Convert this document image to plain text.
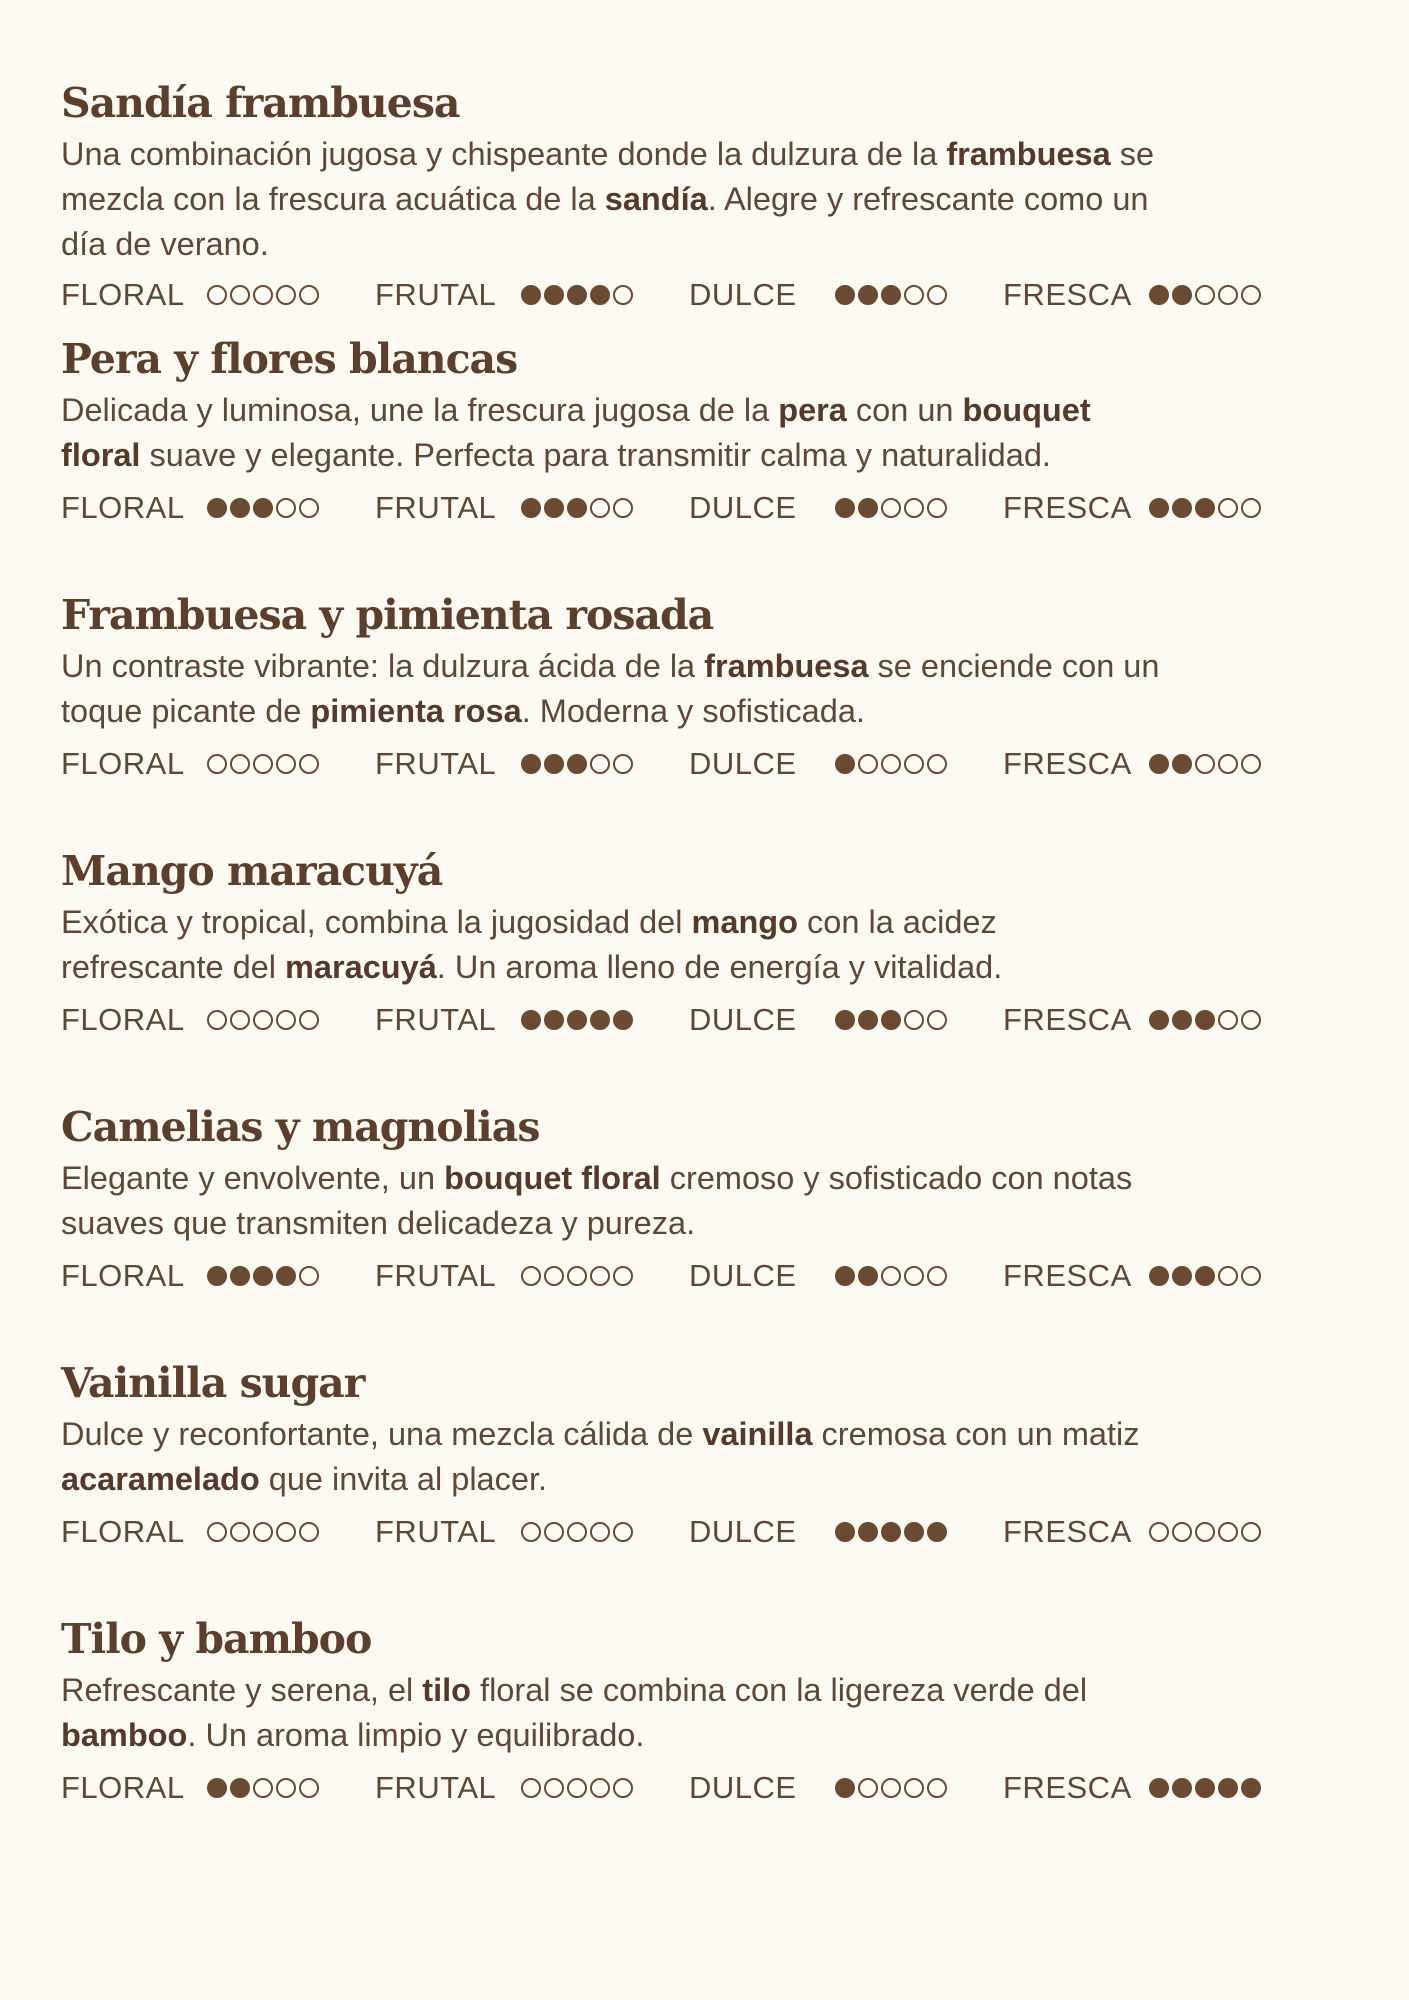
Sandía frambuesa

Una combinación jugosa y chispeante donde la dulzura de la frambuesa se
mezcla con la frescura acuática de la sandía. Alegre y refrescante como un
día de verano.

FLORAL	FRUTAL	DULCE	FRESCA
Pera y flores blancas

Delicada y luminosa, une la frescura jugosa de la pera con un bouquet
floral suave y elegante. Perfecta para transmitir calma y naturalidad.

FLORAL	FRUTAL	DULCE	FRESCA
Frambuesa y pimienta rosada

Un contraste vibrante: la dulzura ácida de la frambuesa se enciende con un
toque picante de pimienta rosa. Moderna y sofisticada.

FLORAL	FRUTAL	DULCE	FRESCA
Mango maracuyá

Exótica y tropical, combina la jugosidad del mango con la acidez
refrescante del maracuyá. Un aroma lleno de energía y vitalidad.

FLORAL	FRUTAL	DULCE	FRESCA
Camelias y magnolias

Elegante y envolvente, un bouquet floral cremoso y sofisticado con notas
suaves que transmiten delicadeza y pureza.

FLORAL	FRUTAL	DULCE	FRESCA
Vainilla sugar

Dulce y reconfortante, una mezcla cálida de vainilla cremosa con un matiz
acaramelado que invita al placer.

FLORAL	FRUTAL	DULCE	FRESCA
Tilo y bamboo

Refrescante y serena, el tilo floral se combina con la ligereza verde del
bamboo. Un aroma limpio y equilibrado.

FLORAL	FRUTAL	DULCE	FRESCA
